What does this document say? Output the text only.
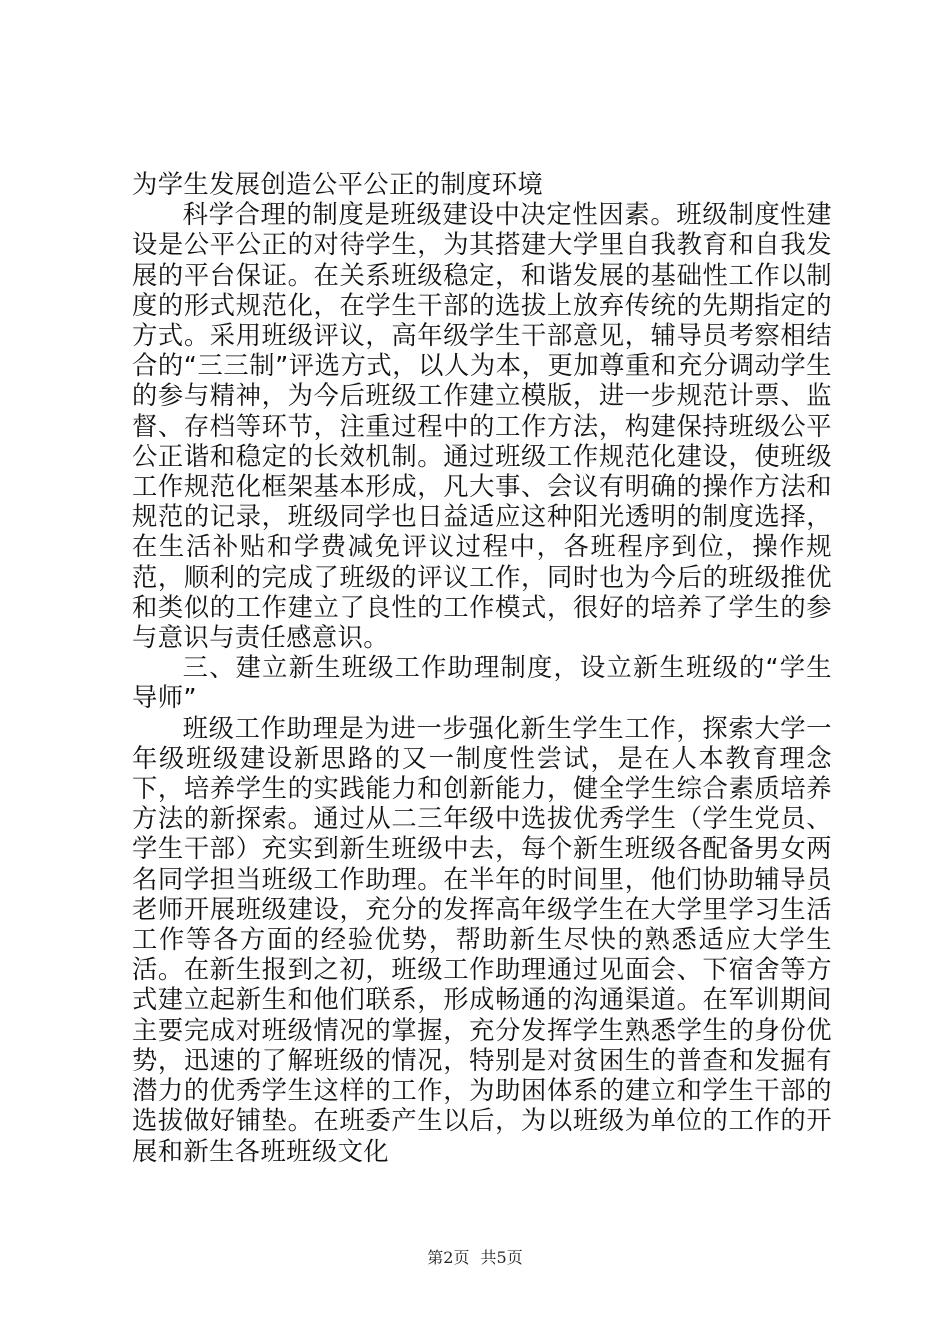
为学生发展创造公平公正的制度环境

科学合理的制度是班级建设中决定性因素。班级制度性建设是公平公正的对待学生，为其搭建大学里自我教育和自我发展的平台保证。在关系班级稳定，和谐发展的基础性工作以制度的形式规范化，在学生干部的选拔上放弃传统的先期指定的方式。采用班级评议，高年级学生干部意见，辅导员考察相结合的“三三制”评选方式，以人为本，更加尊重和充分调动学生的参与精神，为今后班级工作建立模版，进一步规范计票、监督、存档等环节，注重过程中的工作方法，构建保持班级公平公正谐和稳定的长效机制。通过班级工作规范化建设，使班级工作规范化框架基本形成，凡大事、会议有明确的操作方法和规范的记录，班级同学也日益适应这种阳光透明的制度选择，在生活补贴和学费减免评议过程中，各班程序到位，操作规范，顺利的完成了班级的评议工作，同时也为今后的班级推优和类似的工作建立了良性的工作模式，很好的培养了学生的参与意识与责任感意识。

三、建立新生班级工作助理制度，设立新生班级的“学生导师”

班级工作助理是为进一步强化新生学生工作，探索大学一年级班级建设新思路的又一制度性尝试，是在人本教育理念下，培养学生的实践能力和创新能力，健全学生综合素质培养方法的新探索。通过从二三年级中选拔优秀学生（学生党员、学生干部）充实到新生班级中去，每个新生班级各配备男女两名同学担当班级工作助理。在半年的时间里，他们协助辅导员老师开展班级建设，充分的发挥高年级学生在大学里学习生活工作等各方面的经验优势，帮助新生尽快的熟悉适应大学生活。在新生报到之初，班级工作助理通过见面会、下宿舍等方式建立起新生和他们联系，形成畅通的沟通渠道。在军训期间主要完成对班级情况的掌握，充分发挥学生熟悉学生的身份优势，迅速的了解班级的情况，特别是对贫困生的普查和发掘有潜力的优秀学生这样的工作，为助困体系的建立和学生干部的选拔做好铺垫。在班委产生以后，为以班级为单位的工作的开展和新生各班班级文化

第2页 共5页
